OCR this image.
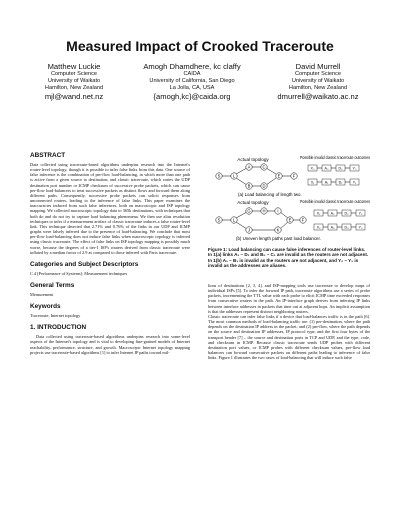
Measured Impact of Crooked Traceroute
Matthew Luckie
Computer Science
University of Waikato
Hamilton, New Zealand
mjl@wand.net.nz
Amogh Dhamdhere, kc claffy
CAIDA
University of California, San Diego
La Jolla, CA, USA
{amogh,kc}@caida.org
David Murrell
Computer Science
University of Waikato
Hamilton, New Zealand
dmurrell@waikato.ac.nz
ABSTRACT
Data collected using traceroute-based algorithms underpins research into the Internet's router-level topology, though it is possible to infer false links from this data. One source of false inference is the combination of per-flow load-balancing, in which more than one path is active from a given source to destination, and classic traceroute, which varies the UDP destination port number or ICMP checksum of successive probe packets, which can cause per-flow load-balancers to treat successive packets as distinct flows and forward them along different paths. Consequently, successive probe packets can solicit responses from unconnected routers, leading to the inference of false links. This paper examines the inaccuracies induced from such false inferences, both on macroscopic and ISP topology mapping. We collected macroscopic topology data to 365k destinations, with techniques that both do and do not try to capture load balancing phenomena. We then use alias resolution techniques to infer if a measurement artifact of classic traceroute induces a false router-level link. This technique detected that 2.71% and 0.76% of the links in our UDP and ICMP graphs were falsely inferred due to the presence of load-balancing. We conclude that most per-flow load-balancing does not induce false links when macroscopic topology is inferred using classic traceroute. The effect of false links on ISP topology mapping is possibly much worse, because the degrees of a tier-1 ISP's routers derived from classic traceroute were inflated by a median factor of 2.9 as compared to those inferred with Paris traceroute.
Categories and Subject Descriptors
C.4 [Performance of Systems]: Measurement techniques
General Terms
Measurement
Keywords
Traceroute, Internet topology
1. INTRODUCTION
Data collected using traceroute-based algorithms underpins research into some-level aspects of the Internet's topology and is vital to developing fine-grained models of Internet reachability, performance, structure, and growth. Macroscopic Internet topology mapping projects use traceroute-based algorithms [1] to infer Internet IP paths toward mil-
Actual topology	Possible invalid classic traceroute outcomes
S	L
A
B
C
D
E	F
X₀	A₀	D₀	Y₀
X₁	A₁	D₁	Y₁
(a) Load balancing of length two.
Actual topology	Possible invalid classic traceroute outcomes
S	L
G	H	I
J	K
E F
X₂	A₂	D₂	Y₂
X₃	A₃	D₃	Y₃
(b) Uneven length paths past load balancer.
Figure 1: Load balancing can cause false inferences of router-level links. In 1(a) links A₁ – D₁ and B₀ – C₁ are invalid as the routers are not adjacent. In 1(b) A₁ – B₁ is invalid as the routers are not adjacent, and Y₀ – Y₁ is invalid as the addresses are aliases.
lions of destinations [2, 3, 4], and ISP-mapping tools use traceroute to develop maps of individual ISPs [5]. To infer the forward IP path, traceroute algorithms use a series of probe packets, incrementing the TTL value with each probe to elicit ICMP time exceeded responses from consecutive routers in the path. An IP-interface graph derives from inferring IP links between interface addresses in packets that time out at adjacent hops. An implicit assumption is that the addresses represent distinct neighboring routers.
Classic traceroute can infer false links if a device that load-balances traffic is in the path [6]. The most common methods of load-balancing traffic are: (1) per-destination, where the path depends on the destination IP address in the packet; and (2) per-flow, where the path depends on the source and destination IP addresses, IP protocol type, and the first four bytes of the transport header [7] – the source and destination ports in TCP and UDP, and the type, code, and checksum in ICMP. Because classic traceroute sends UDP probes with different destination port values, or ICMP probes with different checksum values, per-flow load balancers can forward consecutive packets on different paths leading to inference of false links. Figure 1 illustrates the two cases of load-balancing that will induce such false
